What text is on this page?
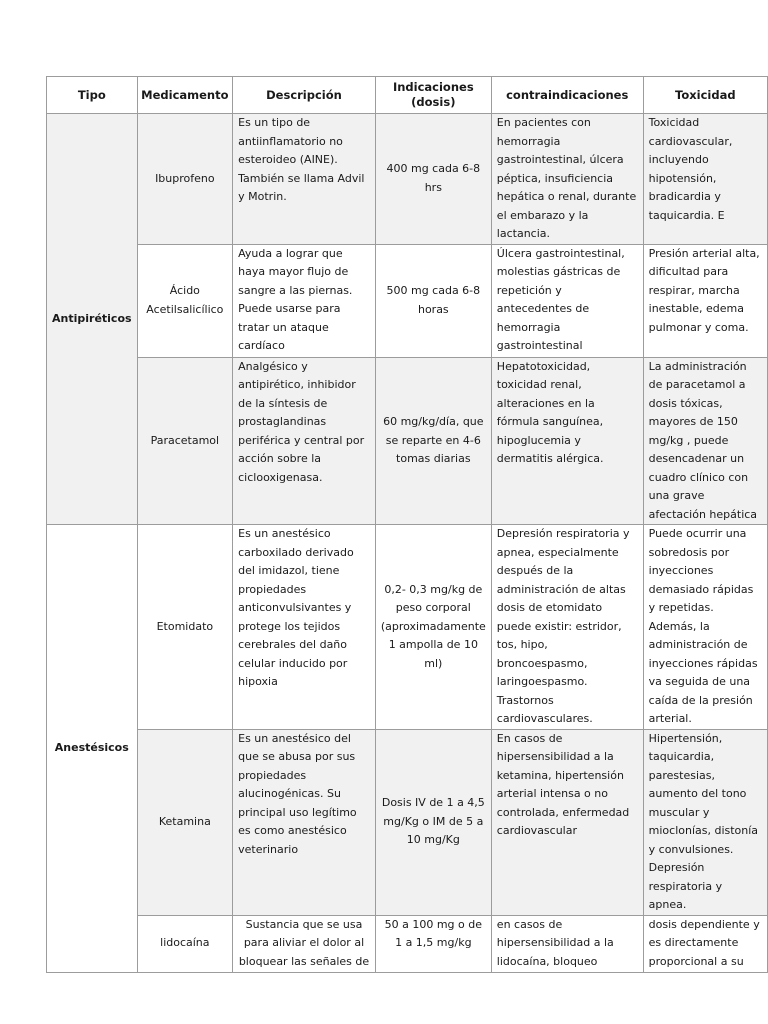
Tipo	Medicamento	Descripción	Indicaciones (dosis)	contraindicaciones	Toxicidad
Antipiréticos	Ibuprofeno	Es un tipo de antiinflamatorio no esteroideo (AINE). También se llama Advil y Motrin.	400 mg cada 6-8 hrs	En pacientes con hemorragia gastrointestinal, úlcera péptica, insuficiencia hepática o renal, durante el embarazo y la lactancia.	Toxicidad cardiovascular, incluyendo hipotensión, bradicardia y taquicardia. E
	Ácido Acetilsalicílico	Ayuda a lograr que haya mayor flujo de sangre a las piernas. Puede usarse para tratar un ataque cardíaco	500 mg cada 6-8 horas	Úlcera gastrointestinal, molestias gástricas de repetición y antecedentes de hemorragia gastrointestinal	Presión arterial alta, dificultad para respirar, marcha inestable, edema pulmonar y coma.
	Paracetamol	Analgésico y antipirético, inhibidor de la síntesis de prostaglandinas periférica y central por acción sobre la ciclooxigenasa.	60 mg/kg/día, que se reparte en 4-6 tomas diarias	Hepatotoxicidad, toxicidad renal, alteraciones en la fórmula sanguínea, hipoglucemia y dermatitis alérgica.	La administración de paracetamol a dosis tóxicas, mayores de 150 mg/kg , puede desencadenar un cuadro clínico con una grave afectación hepática
Anestésicos	Etomidato	Es un anestésico carboxilado derivado del imidazol, tiene propiedades anticonvulsivantes y protege los tejidos cerebrales del daño celular inducido por hipoxia	0,2- 0,3 mg/kg de peso corporal (aproximadamente 1 ampolla de 10 ml)	Depresión respiratoria y apnea, especialmente después de la administración de altas dosis de etomidato puede existir: estridor, tos, hipo, broncoespasmo, laringoespasmo. Trastornos cardiovasculares.	Puede ocurrir una sobredosis por inyecciones demasiado rápidas y repetidas. Además, la administración de inyecciones rápidas va seguida de una caída de la presión arterial.
	Ketamina	Es un anestésico del que se abusa por sus propiedades alucinogénicas. Su principal uso legítimo es como anestésico veterinario	Dosis IV de 1 a 4,5 mg/Kg o IM de 5 a 10 mg/Kg	En casos de hipersensibilidad a la ketamina, hipertensión arterial intensa o no controlada, enfermedad cardiovascular	Hipertensión, taquicardia, parestesias, aumento del tono muscular y mioclonías, distonía y convulsiones. Depresión respiratoria y apnea.
	lidocaína	Sustancia que se usa para aliviar el dolor al bloquear las señales de	50 a 100 mg o de 1 a 1,5 mg/kg	en casos de hipersensibilidad a la lidocaína, bloqueo	dosis dependiente y es directamente proporcional a su
